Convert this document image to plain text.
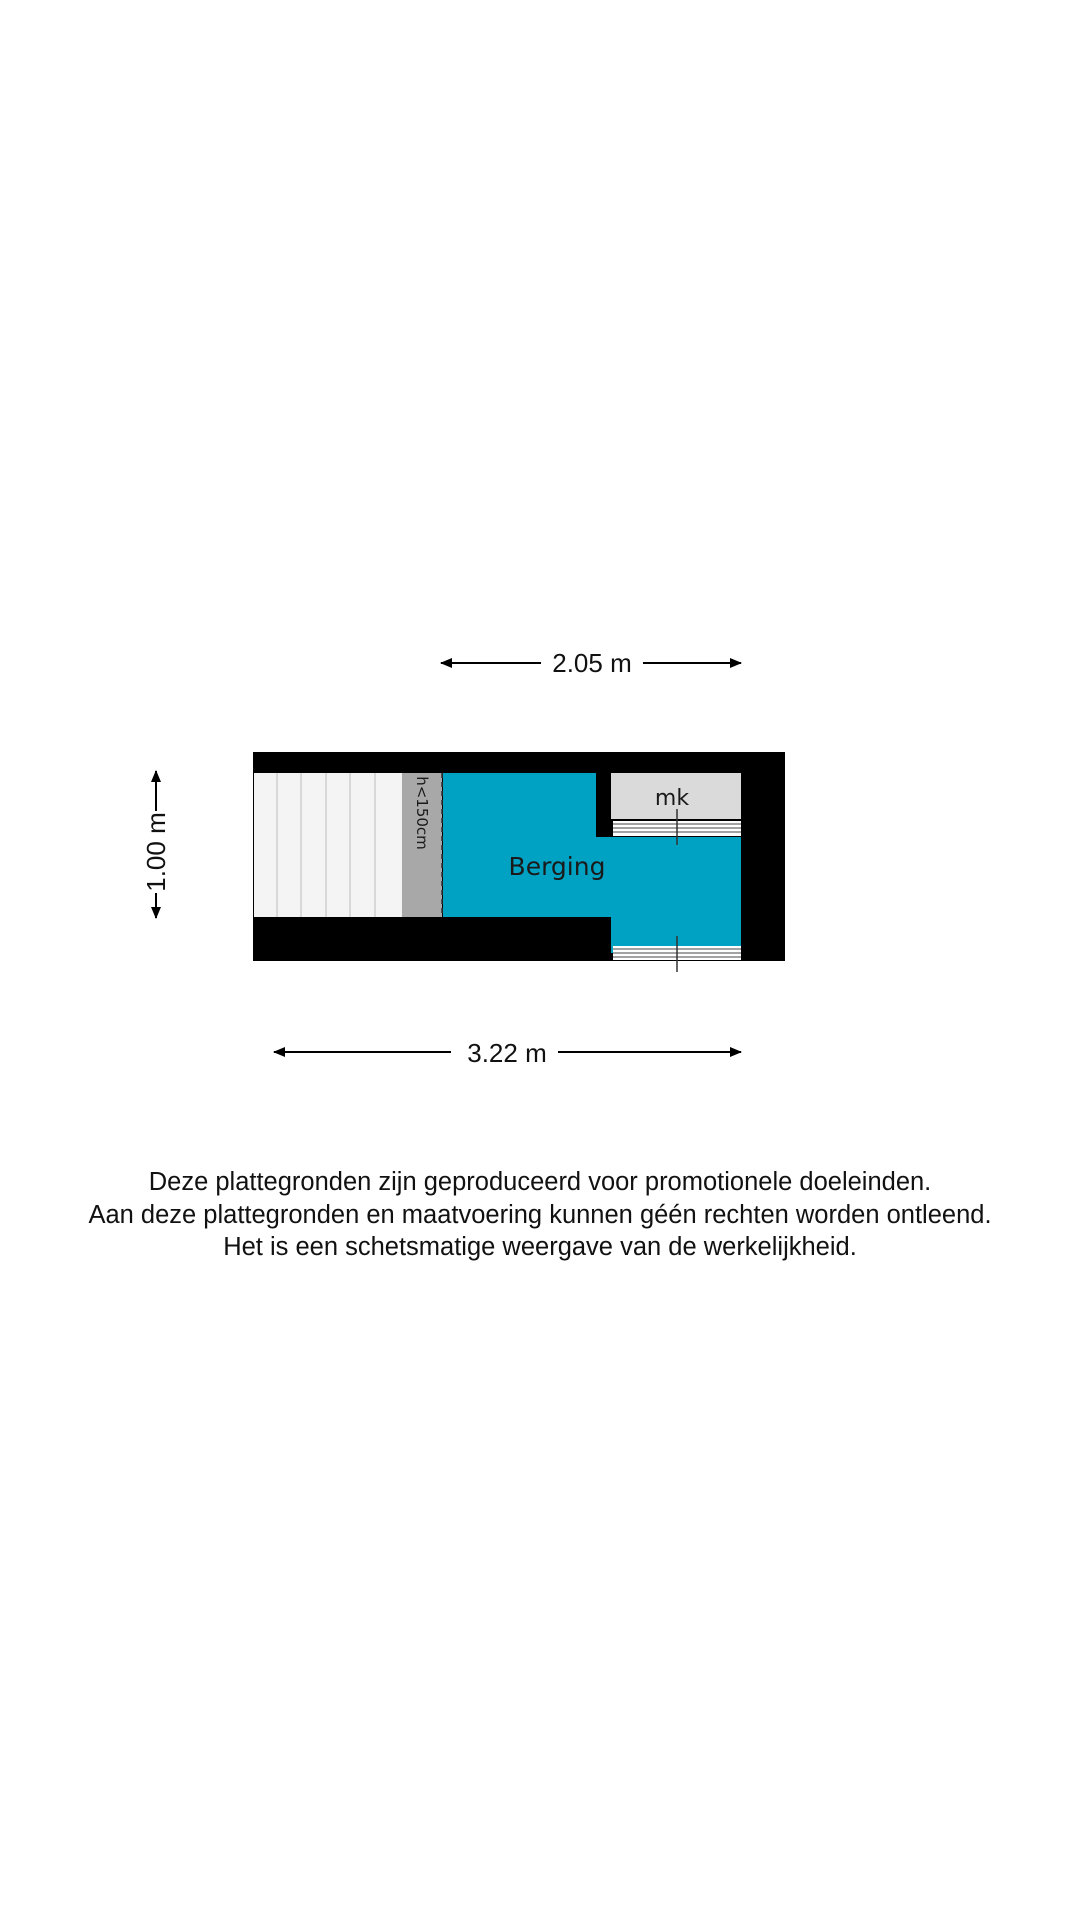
2.05 m
1.00 m
3.22 m
h<150cm
Berging
mk
Deze plattegronden zijn geproduceerd voor promotionele doeleinden.
Aan deze plattegronden en maatvoering kunnen géén rechten worden ontleend.
Het is een schetsmatige weergave van de werkelijkheid.
